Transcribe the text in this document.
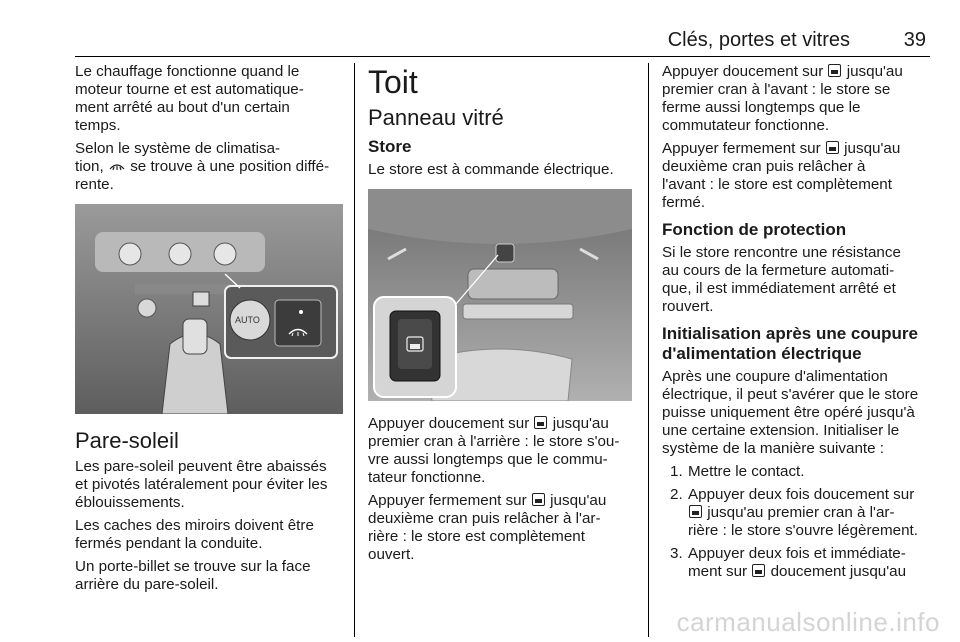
Clés, portes et vitres	39

Le chauffage fonctionne quand le
moteur tourne et est automatique-
ment arrêté au bout d'un certain
temps.

Selon le système de climatisa-
tion, se trouve à une position diffé-
rente.

AUTO
Pare-soleil

Les pare-soleil peuvent être abaissés
et pivotés latéralement pour éviter les
éblouissements.

Les caches des miroirs doivent être
fermés pendant la conduite.

Un porte-billet se trouve sur la face
arrière du pare-soleil.

Toit
Panneau vitré
Store

Le store est à commande électrique.

Appuyer doucement sur jusqu'au
premier cran à l'arrière : le store s'ou-
vre aussi longtemps que le commu-
tateur fonctionne.

Appuyer fermement sur jusqu'au
deuxième cran puis relâcher à l'ar-
rière : le store est complètement
ouvert.

Appuyer doucement sur jusqu'au
premier cran à l'avant : le store se
ferme aussi longtemps que le
commutateur fonctionne.

Appuyer fermement sur jusqu'au
deuxième cran puis relâcher à
l'avant : le store est complètement
fermé.

Fonction de protection

Si le store rencontre une résistance
au cours de la fermeture automati-
que, il est immédiatement arrêté et
rouvert.

Initialisation après une coupure
d'alimentation électrique

Après une coupure d'alimentation
électrique, il peut s'avérer que le store
puisse uniquement être opéré jusqu'à
une certaine extension. Initialiser le
système de la manière suivante :

1. Mettre le contact.
2. Appuyer deux fois doucement sur
jusqu'au premier cran à l'ar-
rière : le store s'ouvre légèrement.
3. Appuyer deux fois et immédiate-
ment sur doucement jusqu'au
carmanualsonline.info
